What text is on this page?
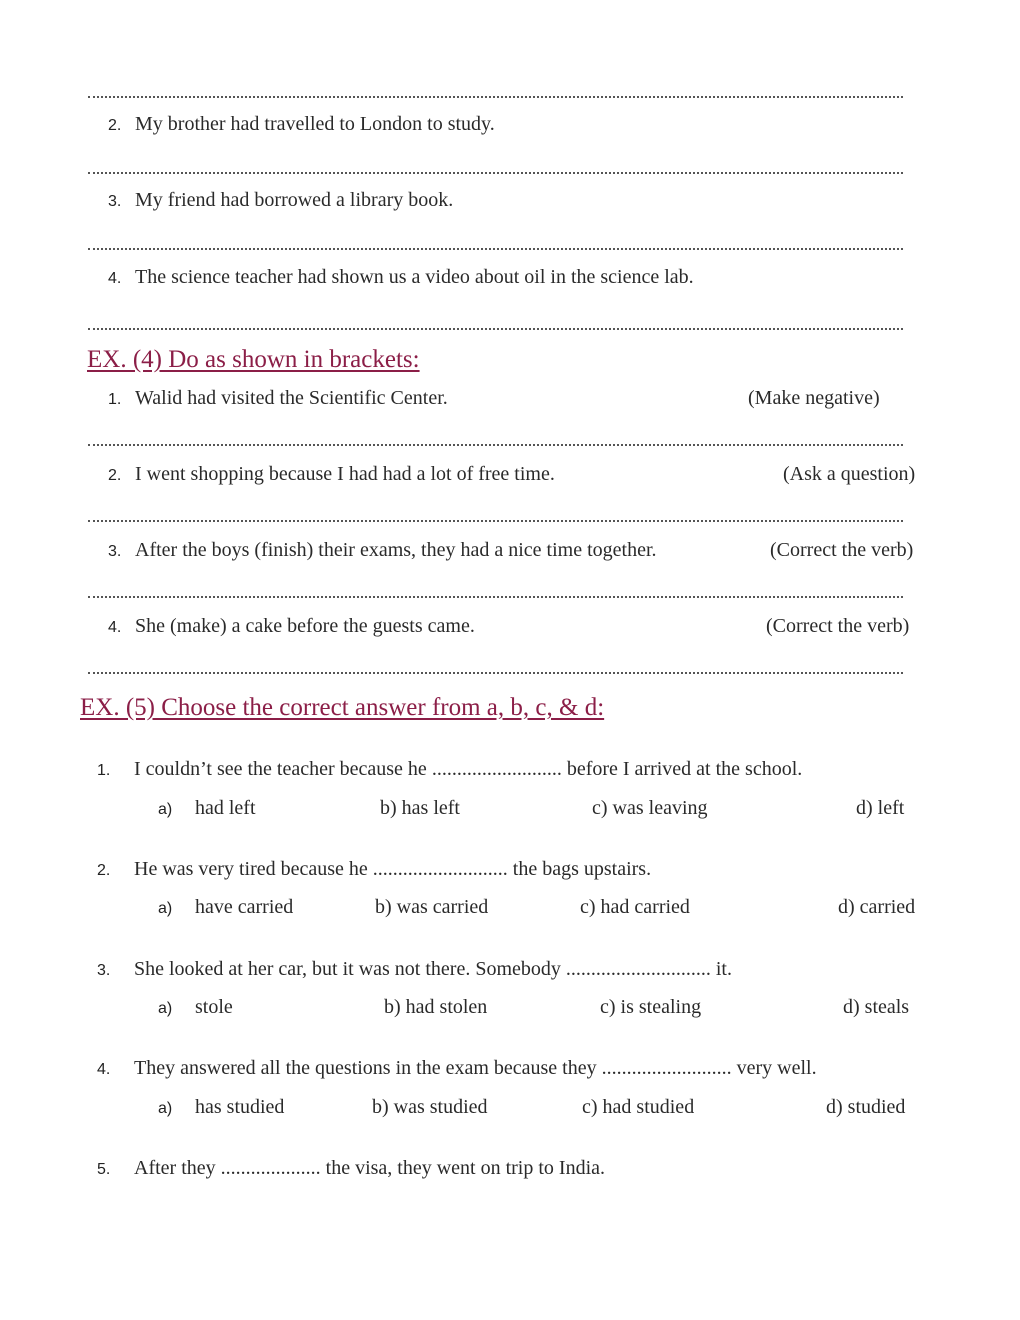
2. My brother had travelled to London to study.
3. My friend had borrowed a library book.
4. The science teacher had shown us a video about oil in the science lab.
EX. (4) Do as shown in brackets:
1. Walid had visited the Scientific Center.	(Make negative)
2. I went shopping because I had had a lot of free time.	(Ask a question)
3. After the boys (finish) their exams, they had a nice time together.	(Correct the verb)
4. She (make) a cake before the guests came.	(Correct the verb)
EX. (5) Choose the correct answer from a, b, c, & d:
1. I couldn’t see the teacher because he .......................... before I arrived at the school.
a) had left	b) has left	c) was leaving	d) left
2. He was very tired because he ........................... the bags upstairs.
a) have carried	b) was carried	c) had carried	d) carried
3. She looked at her car, but it was not there. Somebody ............................. it.
a) stole	b) had stolen	c) is stealing	d) steals
4. They answered all the questions in the exam because they .......................... very well.
a) has studied	b) was studied	c) had studied	d) studied
5. After they .................... the visa, they went on trip to India.
